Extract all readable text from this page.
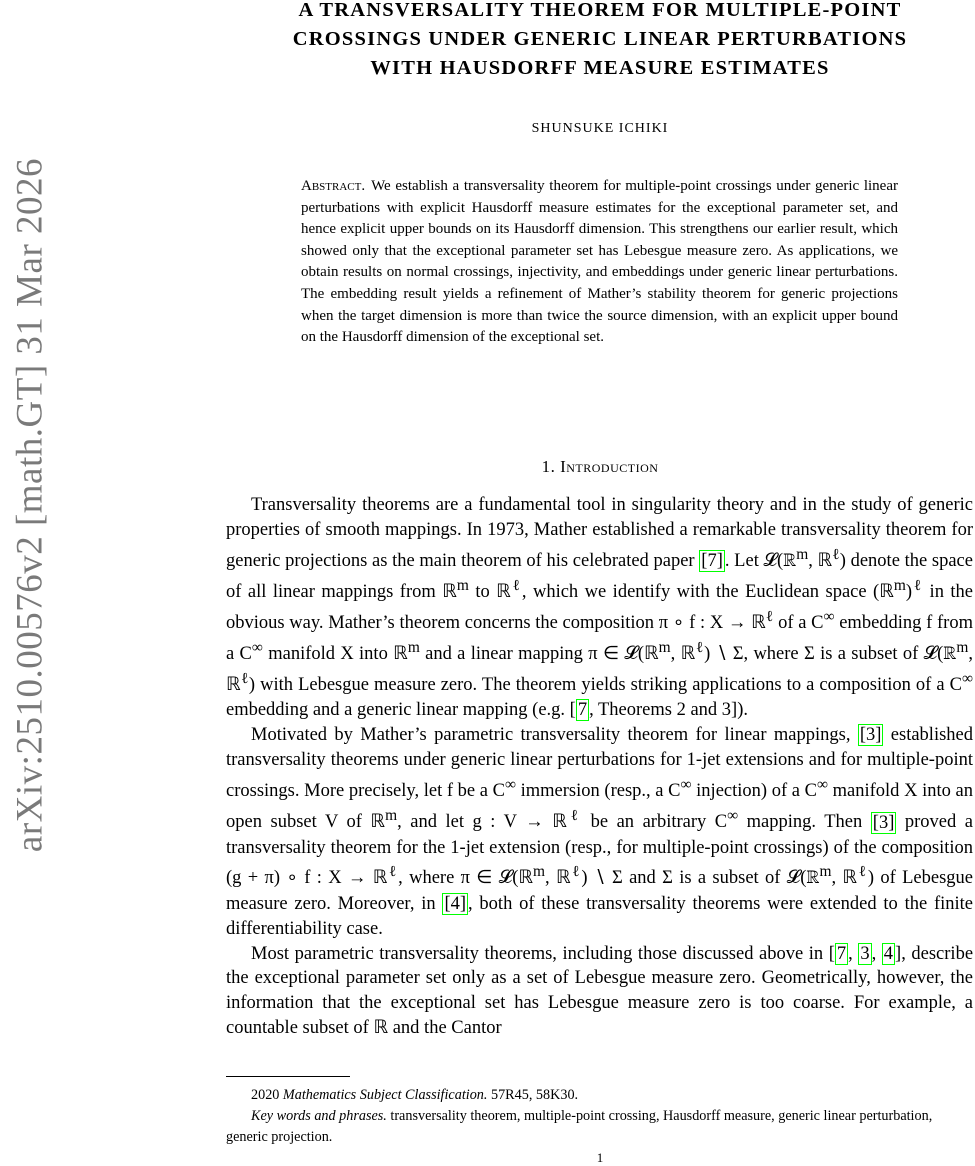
arXiv:2510.00576v2 [math.GT] 31 Mar 2026
A TRANSVERSALITY THEOREM FOR MULTIPLE-POINT
CROSSINGS UNDER GENERIC LINEAR PERTURBATIONS
WITH HAUSDORFF MEASURE ESTIMATES
SHUNSUKE ICHIKI
Abstract. We establish a transversality theorem for multiple-point crossings under generic linear perturbations with explicit Hausdorff measure estimates for the exceptional parameter set, and hence explicit upper bounds on its Hausdorff dimension. This strengthens our earlier result, which showed only that the exceptional parameter set has Lebesgue measure zero. As applications, we obtain results on normal crossings, injectivity, and embeddings under generic linear perturbations. The embedding result yields a refinement of Mather’s stability theorem for generic projections when the target dimension is more than twice the source dimension, with an explicit upper bound on the Hausdorff dimension of the exceptional set.
1. Introduction

Transversality theorems are a fundamental tool in singularity theory and in the study of generic properties of smooth mappings. In 1973, Mather established a remarkable transversality theorem for generic projections as the main theorem of his celebrated paper [7] . Let 𝓛(ℝ$^m$, ℝ$^\ell$) denote the space of all linear mappings from ℝ$^m$ to ℝ$^\ell$, which we identify with the Euclidean space (ℝ$^m$)$^\ell$ in the obvious way. Mather’s theorem concerns the composition π ∘ f : X → ℝ$^\ell$ of a C∞ embedding f from a C∞ manifold X into ℝ$^m$ and a linear mapping π ∈ 𝓛(ℝ$^m$, ℝ$^\ell$) ∖ Σ, where Σ is a subset of 𝓛(ℝ$^m$, ℝ$^\ell$) with Lebesgue measure zero. The theorem yields striking applications to a composition of a C∞ embedding and a generic linear mapping (e.g. [ 7 , Theorems 2 and 3]).

Motivated by Mather’s parametric transversality theorem for linear mappings, [3] established transversality theorems under generic linear perturbations for 1-jet extensions and for multiple-point crossings. More precisely, let f be a C∞ immersion (resp., a C∞ injection) of a C∞ manifold X into an open subset V of ℝ$^m$, and let g : V → ℝ$^\ell$ be an arbitrary C∞ mapping. Then [3] proved a transversality theorem for the 1-jet extension (resp., for multiple-point crossings) of the composition (g + π) ∘ f : X → ℝ$^\ell$, where π ∈ 𝓛(ℝ$^m$, ℝ$^\ell$) ∖ Σ and Σ is a subset of 𝓛(ℝ$^m$, ℝ$^\ell$) of Lebesgue measure zero. Moreover, in [4] , both of these transversality theorems were extended to the finite differentiability case.

Most parametric transversality theorems, including those discussed above in [ 7 , 3 , 4 ], describe the exceptional parameter set only as a set of Lebesgue measure zero. Geometrically, however, the information that the exceptional set has Lebesgue measure zero is too coarse. For example, a countable subset of ℝ and the Cantor

2020 Mathematics Subject Classification. 57R45, 58K30.
Key words and phrases. transversality theorem, multiple-point crossing, Hausdorff measure, generic linear perturbation, generic projection.
1
